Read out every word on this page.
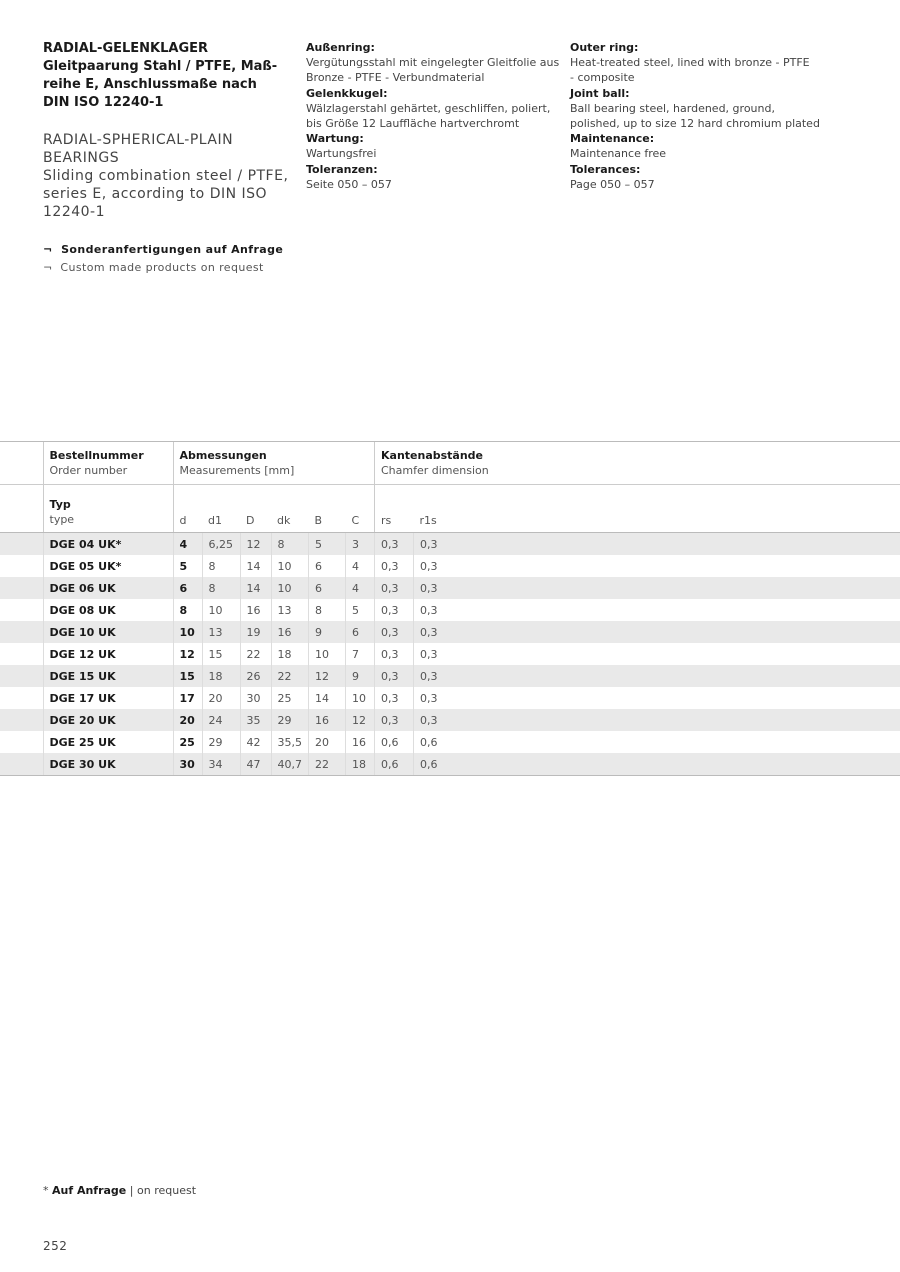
RADIAL-GELENKLAGER
Gleitpaarung Stahl / PTFE, Maß-
reihe E, Anschlussmaße nach
DIN ISO 12240-1
RADIAL-SPHERICAL-PLAIN
BEARINGS
Sliding combination steel / PTFE,
series E, according to DIN ISO
12240-1
¬ Sonderanfertigungen auf Anfrage
¬ Custom made products on request
Außenring:
Vergütungsstahl mit eingelegter Gleitfolie aus
Bronze - PTFE - Verbundmaterial
Gelenkkugel:
Wälzlagerstahl gehärtet, geschliffen, poliert,
bis Größe 12 Lauffläche hartverchromt
Wartung:
Wartungsfrei
Toleranzen:
Seite 050 – 057
Outer ring:
Heat-treated steel, lined with bronze - PTFE
- composite
Joint ball:
Ball bearing steel, hardened, ground,
polished, up to size 12 hard chromium plated
Maintenance:
Maintenance free
Tolerances:
Page 050 – 057

	Bestellnummer
Order number	Abmessungen
Measurements [mm]						Kantenabstände
Chamfer dimension	

	Typ
type	d	d1	D	dk	B	C	rs	r1s
	DGE 04 UK*	4	6,25	12	8	5	3	0,3	0,3
	DGE 05 UK*	5	8	14	10	6	4	0,3	0,3
	DGE 06 UK	6	8	14	10	6	4	0,3	0,3
	DGE 08 UK	8	10	16	13	8	5	0,3	0,3
	DGE 10 UK	10	13	19	16	9	6	0,3	0,3
	DGE 12 UK	12	15	22	18	10	7	0,3	0,3
	DGE 15 UK	15	18	26	22	12	9	0,3	0,3
	DGE 17 UK	17	20	30	25	14	10	0,3	0,3
	DGE 20 UK	20	24	35	29	16	12	0,3	0,3
	DGE 25 UK	25	29	42	35,5	20	16	0,6	0,6
	DGE 30 UK	30	34	47	40,7	22	18	0,6	0,6
* Auf Anfrage | on request
252
